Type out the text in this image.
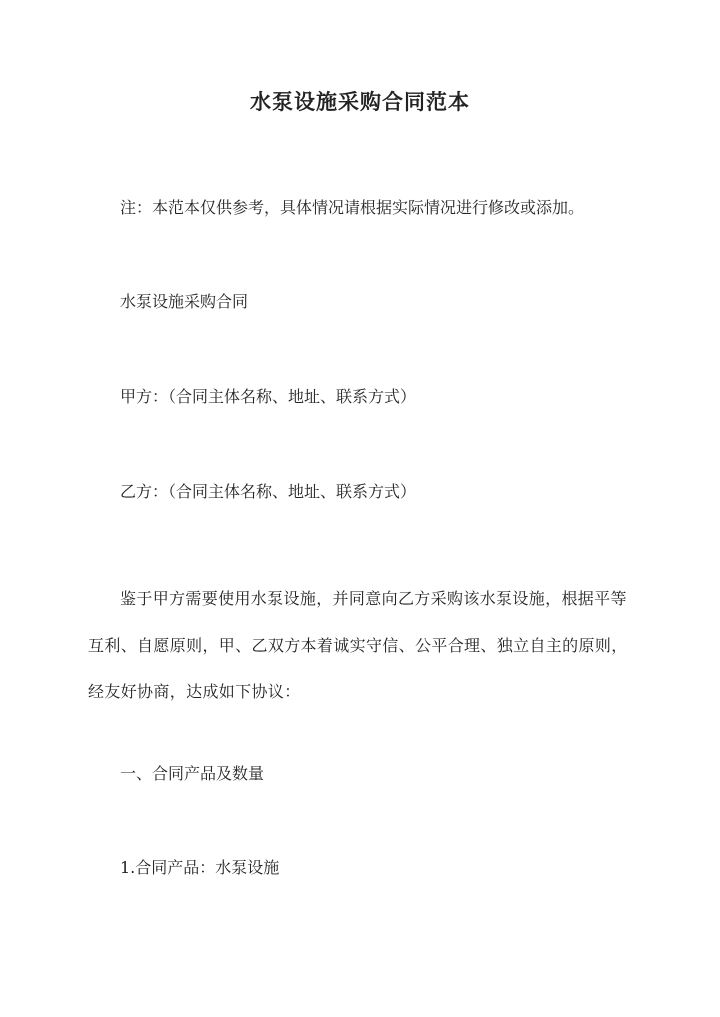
水泵设施采购合同范本

注：本范本仅供参考，具体情况请根据实际情况进行修改或添加。

水泵设施采购合同

甲方：（合同主体名称、地址、联系方式）

乙方：（合同主体名称、地址、联系方式）

鉴于甲方需要使用水泵设施，并同意向乙方采购该水泵设施，根据平等互利、自愿原则，甲、乙双方本着诚实守信、公平合理、独立自主的原则，经友好协商，达成如下协议：

一、合同产品及数量

1.合同产品：水泵设施
